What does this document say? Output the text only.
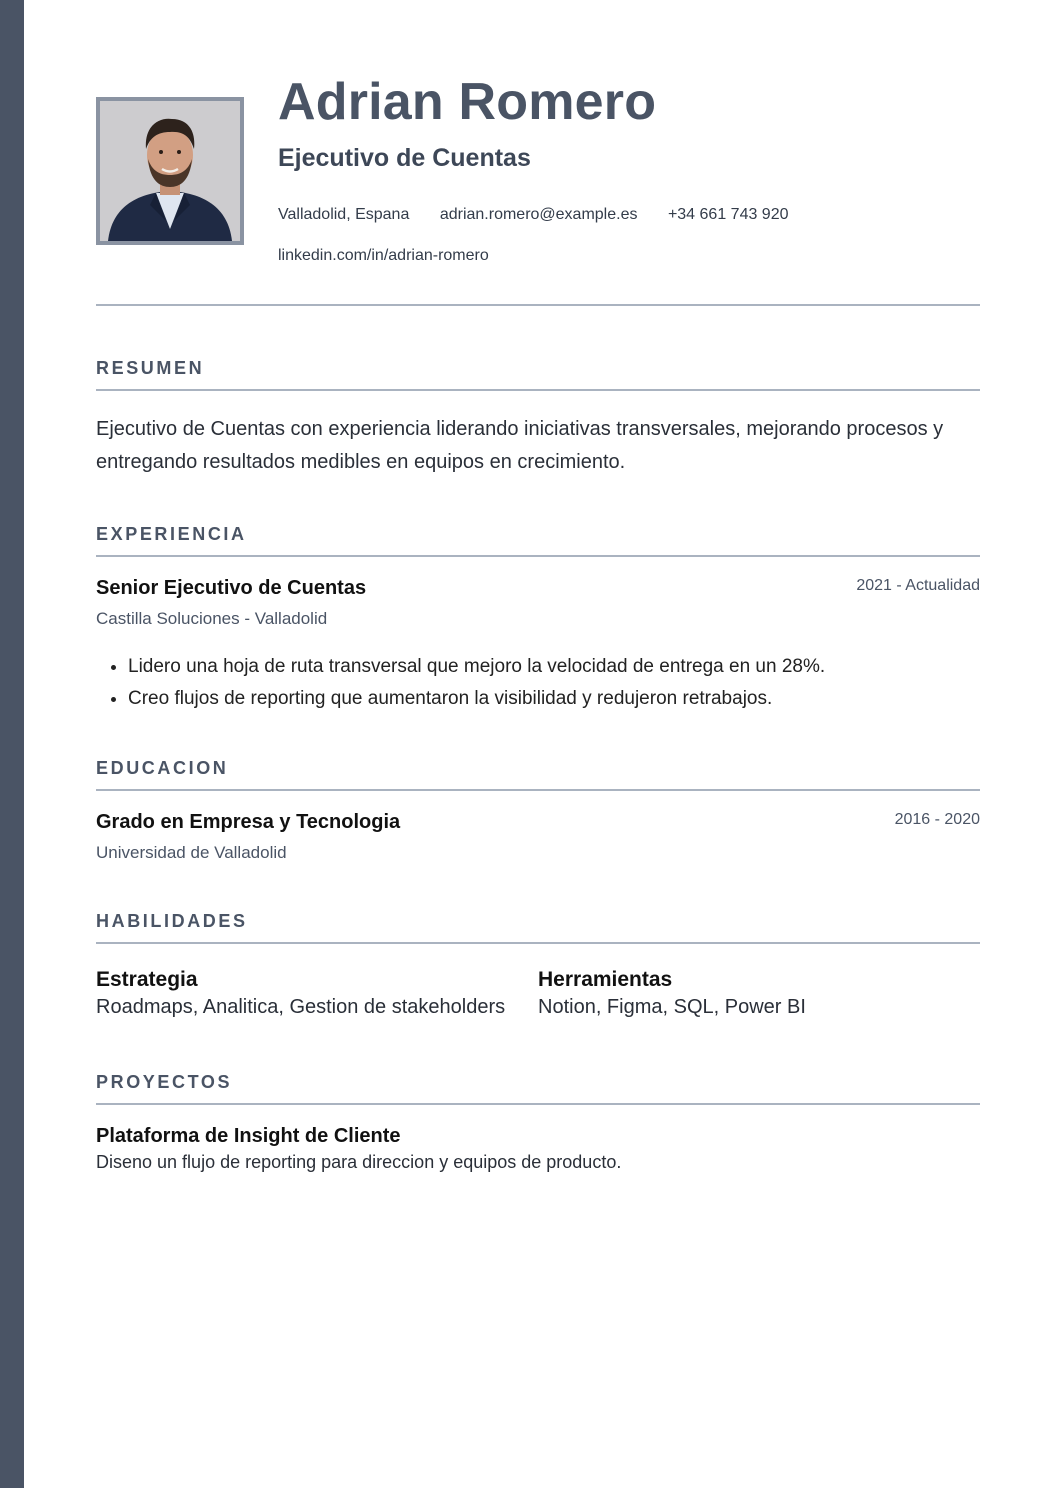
Adrian Romero
Ejecutivo de Cuentas
Valladolid, Espana adrian.romero@example.es +34 661 743 920
linkedin.com/in/adrian-romero
RESUMEN

Ejecutivo de Cuentas con experiencia liderando iniciativas transversales, mejorando procesos y entregando resultados medibles en equipos en crecimiento.

EXPERIENCIA
Senior Ejecutivo de Cuentas	2021 - Actualidad
Castilla Soluciones - Valladolid
• Lidero una hoja de ruta transversal que mejoro la velocidad de entrega en un 28%.
• Creo flujos de reporting que aumentaron la visibilidad y redujeron retrabajos.
EDUCACION
Grado en Empresa y Tecnologia	2016 - 2020
Universidad de Valladolid
HABILIDADES
Estrategia
Roadmaps, Analitica, Gestion de stakeholders
Herramientas
Notion, Figma, SQL, Power BI
PROYECTOS
Plataforma de Insight de Cliente
Diseno un flujo de reporting para direccion y equipos de producto.
